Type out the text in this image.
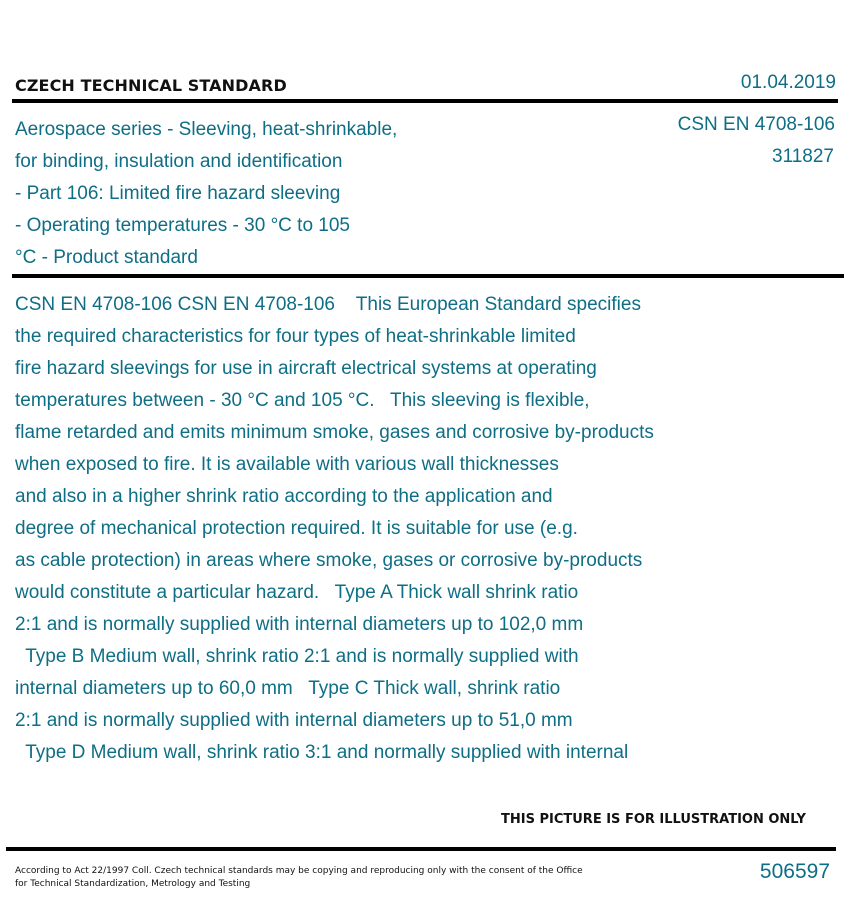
CZECH TECHNICAL STANDARD	01.04.2019
Aerospace series - Sleeving, heat-shrinkable,
for binding, insulation and identification
- Part 106: Limited fire hazard sleeving
- Operating temperatures - 30 °C to 105
°C - Product standard
CSN EN 4708-106
311827
CSN EN 4708-106 CSN EN 4708-106    This European Standard specifies
the required characteristics for four types of heat-shrinkable limited
fire hazard sleevings for use in aircraft electrical systems at operating
temperatures between - 30 °C and 105 °C.   This sleeving is flexible,
flame retarded and emits minimum smoke, gases and corrosive by-products
when exposed to fire. It is available with various wall thicknesses
and also in a higher shrink ratio according to the application and
degree of mechanical protection required. It is suitable for use (e.g.
as cable protection) in areas where smoke, gases or corrosive by-products
would constitute a particular hazard.   Type A Thick wall shrink ratio
2:1 and is normally supplied with internal diameters up to 102,0 mm
Type B Medium wall, shrink ratio 2:1 and is normally supplied with
internal diameters up to 60,0 mm   Type C Thick wall, shrink ratio
2:1 and is normally supplied with internal diameters up to 51,0 mm
Type D Medium wall, shrink ratio 3:1 and normally supplied with internal
THIS PICTURE IS FOR ILLUSTRATION ONLY
According to Act 22/1997 Coll. Czech technical standards may be copying and reproducing only with the consent of the Office
for Technical Standardization, Metrology and Testing
506597
